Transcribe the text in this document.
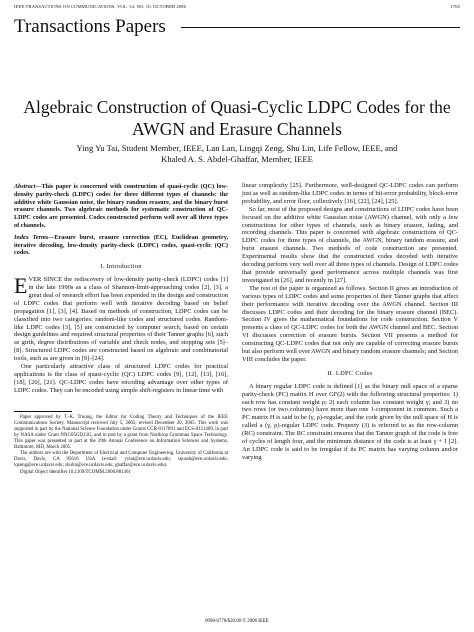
IEEE TRANSACTIONS ON COMMUNICATIONS, VOL. 54, NO. 10, OCTOBER 2006	1765
Transactions Papers
Algebraic Construction of Quasi-Cyclic LDPC Codes for the AWGN and Erasure Channels
Ying Yu Tai, Student Member, IEEE, Lan Lan, Lingqi Zeng, Shu Lin, Life Fellow, IEEE, and
Khaled A. S. Abdel-Ghaffar, Member, IEEE
Abstract—This paper is concerned with construction of quasi-cyclic (QC) low-density parity-check (LDPC) codes for three different types of channels: the additive white Gaussian noise, the binary random erasure, and the binary burst erasure channels. Two algebraic methods for systematic construction of QC-LDPC codes are presented. Codes constructed perform well over all three types of channels.
Index Terms—Erasure burst, erasure correction (EC), Euclidean geometry, iterative decoding, low-density parity-check (LDPC) codes, quasi-cyclic (QC) codes.
I. Introduction

EVER SINCE the rediscovery of low-density parity-check (LDPC) codes [1] in the late 1990s as a class of Shannon-limit-approaching codes [2], [3], a great deal of research effort has been expended in the design and construction of LDPC codes that perform well with iterative decoding based on belief propagation [1], [3], [4]. Based on methods of construction, LDPC codes can be classified into two categories: random-like codes and structured codes. Random-like LDPC codes [3], [5] are constructed by computer search, based on certain design guidelines and required structural properties of their Tanner graphs [6], such as girth, degree distributions of variable and check nodes, and stopping sets [5]–[8]. Structured LDPC codes are constructed based on algebraic and combinatorial tools, such as are given in [9]–[24].

One particularly attractive class of structured LDPC codes for practical applications is the class of quasi-cyclic (QC) LDPC codes [9], [12], [13], [16], [18], [20], [21]. QC-LDPC codes have encoding advantage over other types of LDPC codes. They can be encoded using simple shift-registers in linear time with

Paper approved by T.-K. Truong, the Editor for Coding Theory and Techniques of the IEEE Communications Society. Manuscript received July 5, 2005; revised December 20, 2005. This work was supported in part by the National Science Foundation under Grants CCR-0117891 and ECS-0121469, in part by NASA under Grant NNG05GD13G, and in part by a grant from Northrop Grumman Space Technology. This paper was presented in part at the 39th Annual Conference on Information Sciences and Systems, Baltimore, MD, March 2005.

The authors are with the Department of Electrical and Computer Engineering, University of California at Davis, Davis, CA 95616 USA (e-mail: yytai@ece.ucdavis.edu; squash@ece.ucdavis.edu; lqzeng@ece.ucdavis.edu; shulin@ece.ucdavis.edu; ghaffar@ece.ucdavis.edu).

Digital Object Identifier 10.1109/TCOMM.2006.881361

linear complexity [25]. Furthermore, well-designed QC-LDPC codes can perform just as well as random-like LDPC codes in terms of bit-error probability, block-error probability, and error floor, collectively [16], [22], [24], [25].

So far, most of the proposed designs and constructions of LDPC codes have been focused on the additive white Gaussian noise (AWGN) channel, with only a few constructions for other types of channels, such as binary erasure, fading, and recording channels. This paper is concerned with algebraic constructions of QC-LDPC codes for three types of channels, the AWGN, binary random erasure, and burst erasure channels. Two methods of code construction are presented. Experimental results show that the constructed codes decoded with iterative decoding perform very well over all three types of channels. Design of LDPC codes that provide universally good performance across multiple channels was first investigated in [26], and recently in [27].

The rest of the paper is organized as follows. Section II gives an introduction of various types of LDPC codes and some properties of their Tanner graphs that affect their performance with iterative decoding over the AWGN channel. Section III discusses LDPC codes and their decoding for the binary erasure channel (BEC). Section IV gives the mathematical foundations for code construction. Section V presents a class of QC-LDPC codes for both the AWGN channel and BEC. Section VI discusses correction of erasure bursts. Section VII presents a method for constructing QC-LDPC codes that not only are capable of correcting erasure bursts but also perform well over AWGN and binary random erasure channels; and Section VIII concludes the paper.

II. LDPC Codes

A binary regular LDPC code is defined [1] as the binary null space of a sparse parity-check (PC) matrix H over GF(2) with the following structural properties: 1) each row has constant weight ρ; 2) each column has constant weight γ; and 3) no two rows (or two columns) have more than one 1-component in common. Such a PC matrix H is said to be (γ, ρ)-regular, and the code given by the null space of H is called a (γ, ρ)-regular LDPC code. Property (3) is referred to as the row-column (RC) constraint. The RC constraint ensures that the Tanner graph of the code is free of cycles of length four, and the minimum distance of the code is at least γ + 1 [2]. An LDPC code is said to be irregular if its PC matrix has varying column and/or varying

0090-6778/$20.00 © 2006 IEEE
